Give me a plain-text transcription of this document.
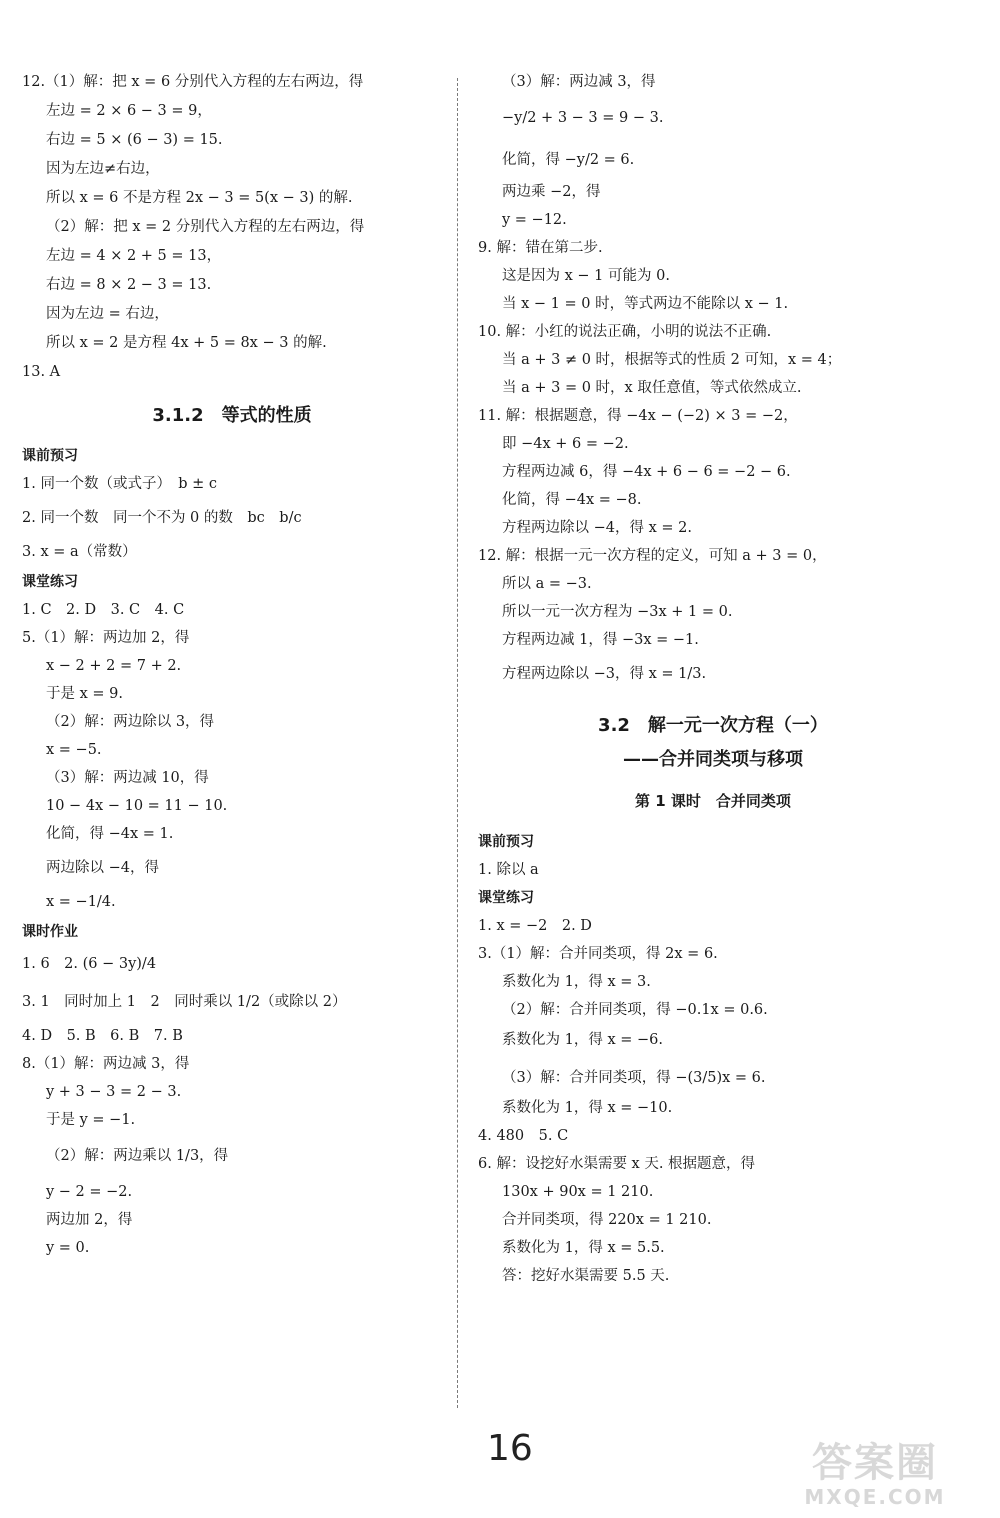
12.（1）解：把 x = 6 分别代入方程的左右两边，得
左边 = 2 × 6 − 3 = 9，
右边 = 5 × (6 − 3) = 15.
因为左边≠右边，
所以 x = 6 不是方程 2x − 3 = 5(x − 3) 的解.
（2）解：把 x = 2 分别代入方程的左右两边，得
左边 = 4 × 2 + 5 = 13，
右边 = 8 × 2 − 3 = 13.
因为左边 = 右边，
所以 x = 2 是方程 4x + 5 = 8x − 3 的解.
13. A
3.1.2　等式的性质
课前预习
1. 同一个数（或式子）　b ± c
2. 同一个数　同一个不为 0 的数　bc　b/c
3. x = a（常数）
课堂练习
1. C　2. D　3. C　4. C
5.（1）解：两边加 2，得
x − 2 + 2 = 7 + 2.
于是 x = 9.
（2）解：两边除以 3，得
x = −5.
（3）解：两边减 10，得
10 − 4x − 10 = 11 − 10.
化简，得 −4x = 1.
两边除以 −4，得
x = −1/4.
课时作业
1. 6　2. (6 − 3y)/4
3. 1　同时加上 1　2　同时乘以 1/2（或除以 2）
4. D　5. B　6. B　7. B
8.（1）解：两边减 3，得
y + 3 − 3 = 2 − 3.
于是 y = −1.
（2）解：两边乘以 1/3，得
y − 2 = −2.
两边加 2，得
y = 0.
（3）解：两边减 3，得
−y/2 + 3 − 3 = 9 − 3.
化简，得 −y/2 = 6.
两边乘 −2，得
y = −12.
9. 解：错在第二步.
这是因为 x − 1 可能为 0.
当 x − 1 = 0 时，等式两边不能除以 x − 1.
10. 解：小红的说法正确，小明的说法不正确.
当 a + 3 ≠ 0 时，根据等式的性质 2 可知，x = 4；
当 a + 3 = 0 时，x 取任意值，等式依然成立.
11. 解：根据题意，得 −4x − (−2) × 3 = −2，
即 −4x + 6 = −2.
方程两边减 6，得 −4x + 6 − 6 = −2 − 6.
化简，得 −4x = −8.
方程两边除以 −4，得 x = 2.
12. 解：根据一元一次方程的定义，可知 a + 3 = 0，
所以 a = −3.
所以一元一次方程为 −3x + 1 = 0.
方程两边减 1，得 −3x = −1.
方程两边除以 −3，得 x = 1/3.
3.2　解一元一次方程（一）
——合并同类项与移项
第 1 课时　合并同类项
课前预习
1. 除以 a
课堂练习
1. x = −2　2. D
3.（1）解：合并同类项，得 2x = 6.
系数化为 1，得 x = 3.
（2）解：合并同类项，得 −0.1x = 0.6.
系数化为 1，得 x = −6.
（3）解：合并同类项，得 −(3/5)x = 6.
系数化为 1，得 x = −10.
4. 480　5. C
6. 解：设挖好水渠需要 x 天. 根据题意，得
130x + 90x = 1 210.
合并同类项，得 220x = 1 210.
系数化为 1，得 x = 5.5.
答：挖好水渠需要 5.5 天.
16	答案圈
MXQE.COM
